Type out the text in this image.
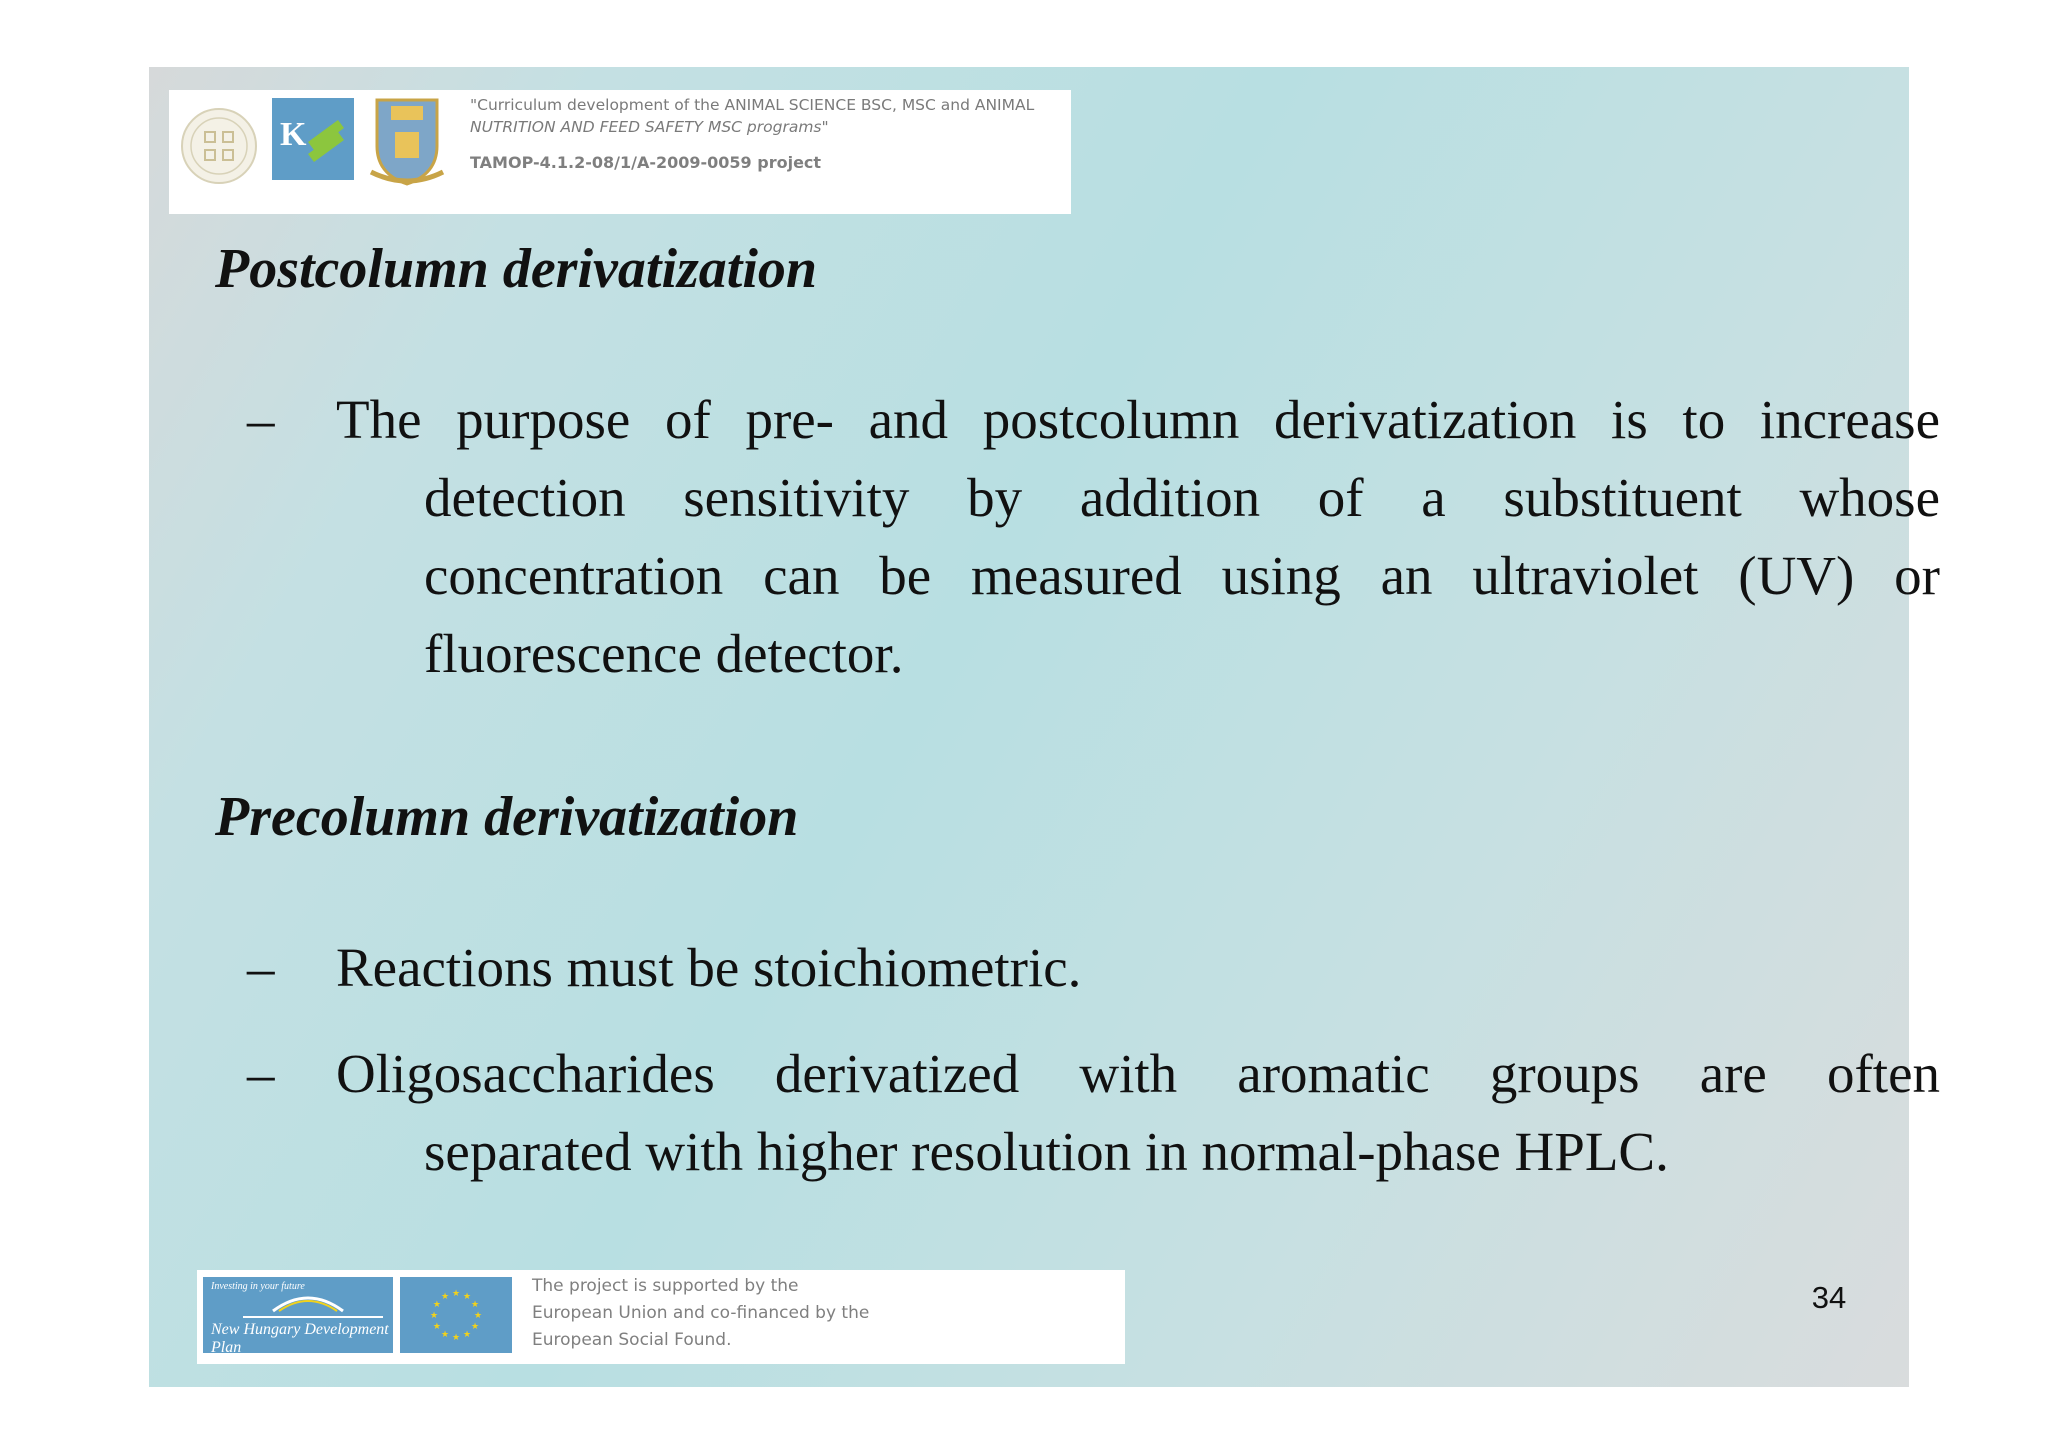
K
"Curriculum development of the ANIMAL SCIENCE BSC, MSC and ANIMAL
NUTRITION AND FEED SAFETY MSC programs"
TAMOP-4.1.2-08/1/A-2009-0059 project
Postcolumn derivatization
– The purpose of pre- and postcolumn derivatization is to increase
detection sensitivity by addition of a substituent whose concentration can be measured using an ultraviolet (UV) or fluorescence detector.
Precolumn derivatization
– Reactions must be stoichiometric.
– Oligosaccharides derivatized with aromatic groups are often
separated with higher resolution in normal-phase HPLC.
Investing in your future
New Hungary Development Plan
★ ★
★
★
★
★
★
★
★
★
★
★	The project is supported by the
European Union and co-financed by the
European Social Found.
34
